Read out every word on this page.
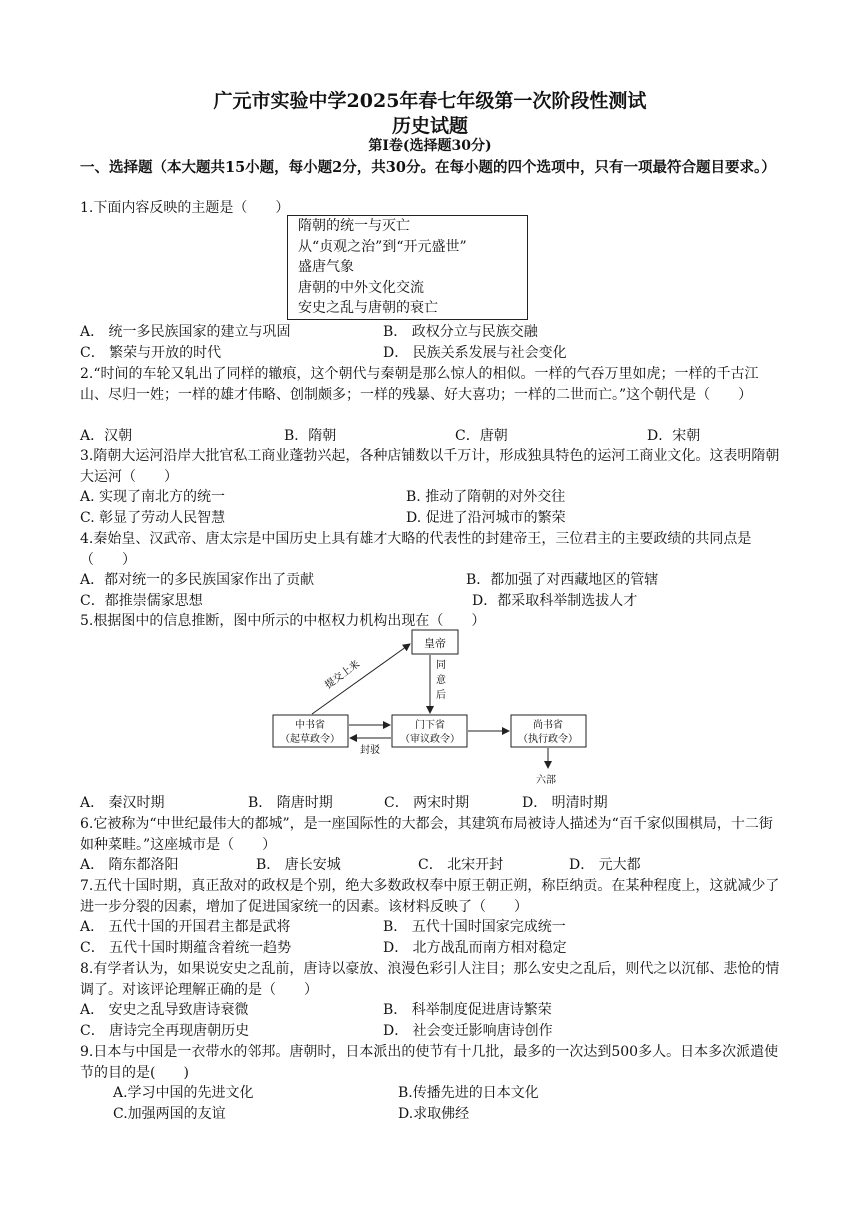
广元市实验中学2025年春七年级第一次阶段性测试
历史试题
第Ⅰ卷(选择题30分)
一、选择题（本大题共15小题，每小题2分，共30分。在每小题的四个选项中，只有一项最符合题目要求。）
1.下面内容反映的主题是（　　）
隋朝的统一与灭亡
从“贞观之治”到“开元盛世”
盛唐气象
唐朝的中外文化交流
安史之乱与唐朝的衰亡
A． 统一多民族国家的建立与巩固	B． 政权分立与民族交融
C． 繁荣与开放的时代	D． 民族关系发展与社会变化
2.“时间的车轮又轧出了同样的辙痕，这个朝代与秦朝是那么惊人的相似。一样的气吞万里如虎；一样的千古江山、尽归一姓；一样的雄才伟略、创制颇多；一样的残暴、好大喜功；一样的二世而亡。”这个朝代是（　　）
A．汉朝	B．隋朝	C．唐朝	D．宋朝
3.隋朝大运河沿岸大批官私工商业蓬勃兴起，各种店铺数以千万计，形成独具特色的运河工商业文化。这表明隋朝大运河（　　）
A. 实现了南北方的统一	B. 推动了隋朝的对外交往
C. 彰显了劳动人民智慧	D. 促进了沿河城市的繁荣
4.秦始皇、汉武帝、唐太宗是中国历史上具有雄才大略的代表性的封建帝王，三位君主的主要政绩的共同点是（　　）
A．都对统一的多民族国家作出了贡献	B．都加强了对西藏地区的管辖
C．都推崇儒家思想	D．都采取科举制选拔人才
5.根据图中的信息推断，图中所示的中枢权力机构出现在（　　）
皇帝
中书省
（起草政令）
门下省
（审议政令）
尚书省
（执行政令）
提交上来	同
意
后
封驳
六部
A． 秦汉时期	B． 隋唐时期	C． 两宋时期	D． 明清时期
6.它被称为“中世纪最伟大的都城”，是一座国际性的大都会，其建筑布局被诗人描述为“百千家似围棋局，十二街如种菜畦。”这座城市是（　　）
A． 隋东都洛阳	B． 唐长安城	C． 北宋开封	D． 元大都
7.五代十国时期，真正敌对的政权是个别，绝大多数政权奉中原王朝正朔，称臣纳贡。在某种程度上，这就减少了进一步分裂的因素，增加了促进国家统一的因素。该材料反映了（　　）
A． 五代十国的开国君主都是武将	B． 五代十国时国家完成统一
C． 五代十国时期蕴含着统一趋势	D． 北方战乱而南方相对稳定
8.有学者认为，如果说安史之乱前，唐诗以豪放、浪漫色彩引人注目；那么安史之乱后，则代之以沉郁、悲怆的情调了。对该评论理解正确的是（　　）
A． 安史之乱导致唐诗衰微	B． 科举制度促进唐诗繁荣
C． 唐诗完全再现唐朝历史	D． 社会变迁影响唐诗创作
9.日本与中国是一衣带水的邻邦。唐朝时，日本派出的使节有十几批，最多的一次达到500多人。日本多次派遣使节的目的是(　　)
A.学习中国的先进文化	B.传播先进的日本文化
C.加强两国的友谊	D.求取佛经
